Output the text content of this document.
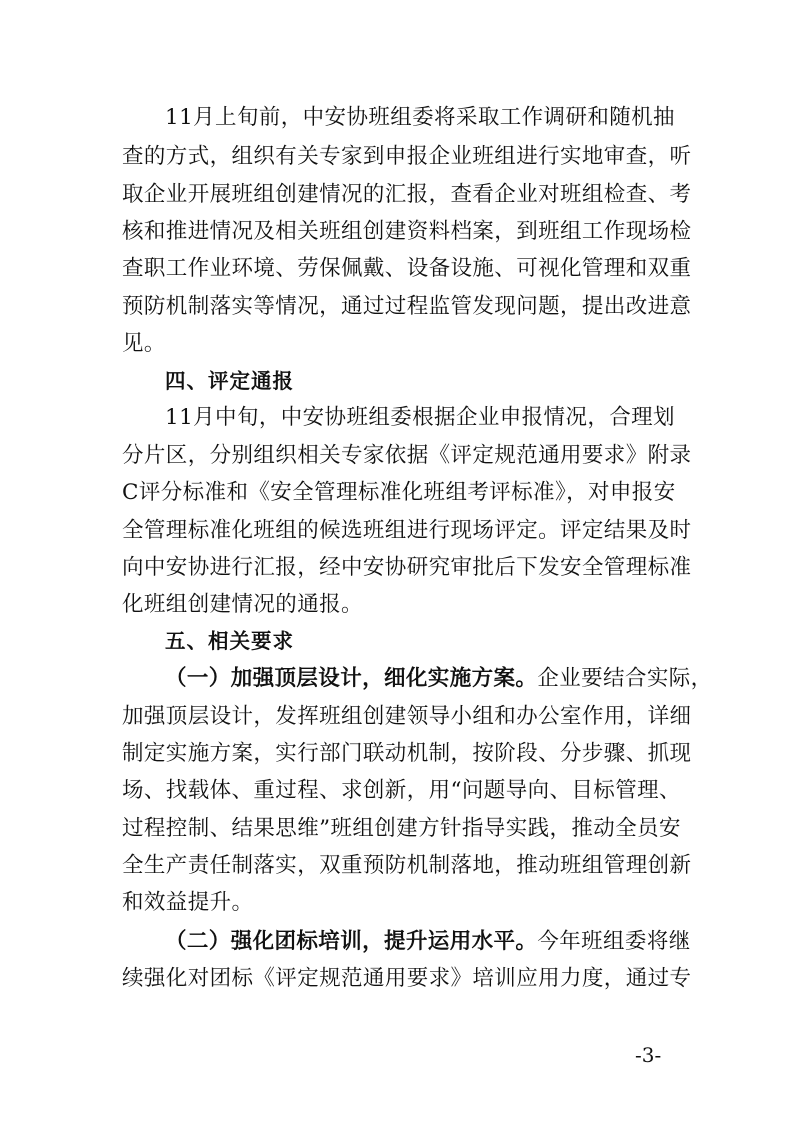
11月上旬前，中安协班组委将采取工作调研和随机抽
查的方式，组织有关专家到申报企业班组进行实地审查，听
取企业开展班组创建情况的汇报，查看企业对班组检查、考
核和推进情况及相关班组创建资料档案，到班组工作现场检
查职工作业环境、劳保佩戴、设备设施、可视化管理和双重
预防机制落实等情况，通过过程监管发现问题，提出改进意
见。
四、评定通报
11月中旬，中安协班组委根据企业申报情况，合理划
分片区，分别组织相关专家依据《评定规范通用要求》附录
C评分标准和《安全管理标准化班组考评标准》，对申报安
全管理标准化班组的候选班组进行现场评定。评定结果及时
向中安协进行汇报，经中安协研究审批后下发安全管理标准
化班组创建情况的通报。
五、相关要求
（一）加强顶层设计，细化实施方案。企业要结合实际，
加强顶层设计，发挥班组创建领导小组和办公室作用，详细
制定实施方案，实行部门联动机制，按阶段、分步骤、抓现
场、找载体、重过程、求创新，用“问题导向、目标管理、
过程控制、结果思维”班组创建方针指导实践，推动全员安
全生产责任制落实，双重预防机制落地，推动班组管理创新
和效益提升。
（二）强化团标培训，提升运用水平。今年班组委将继
续强化对团标《评定规范通用要求》培训应用力度，通过专
-3-
